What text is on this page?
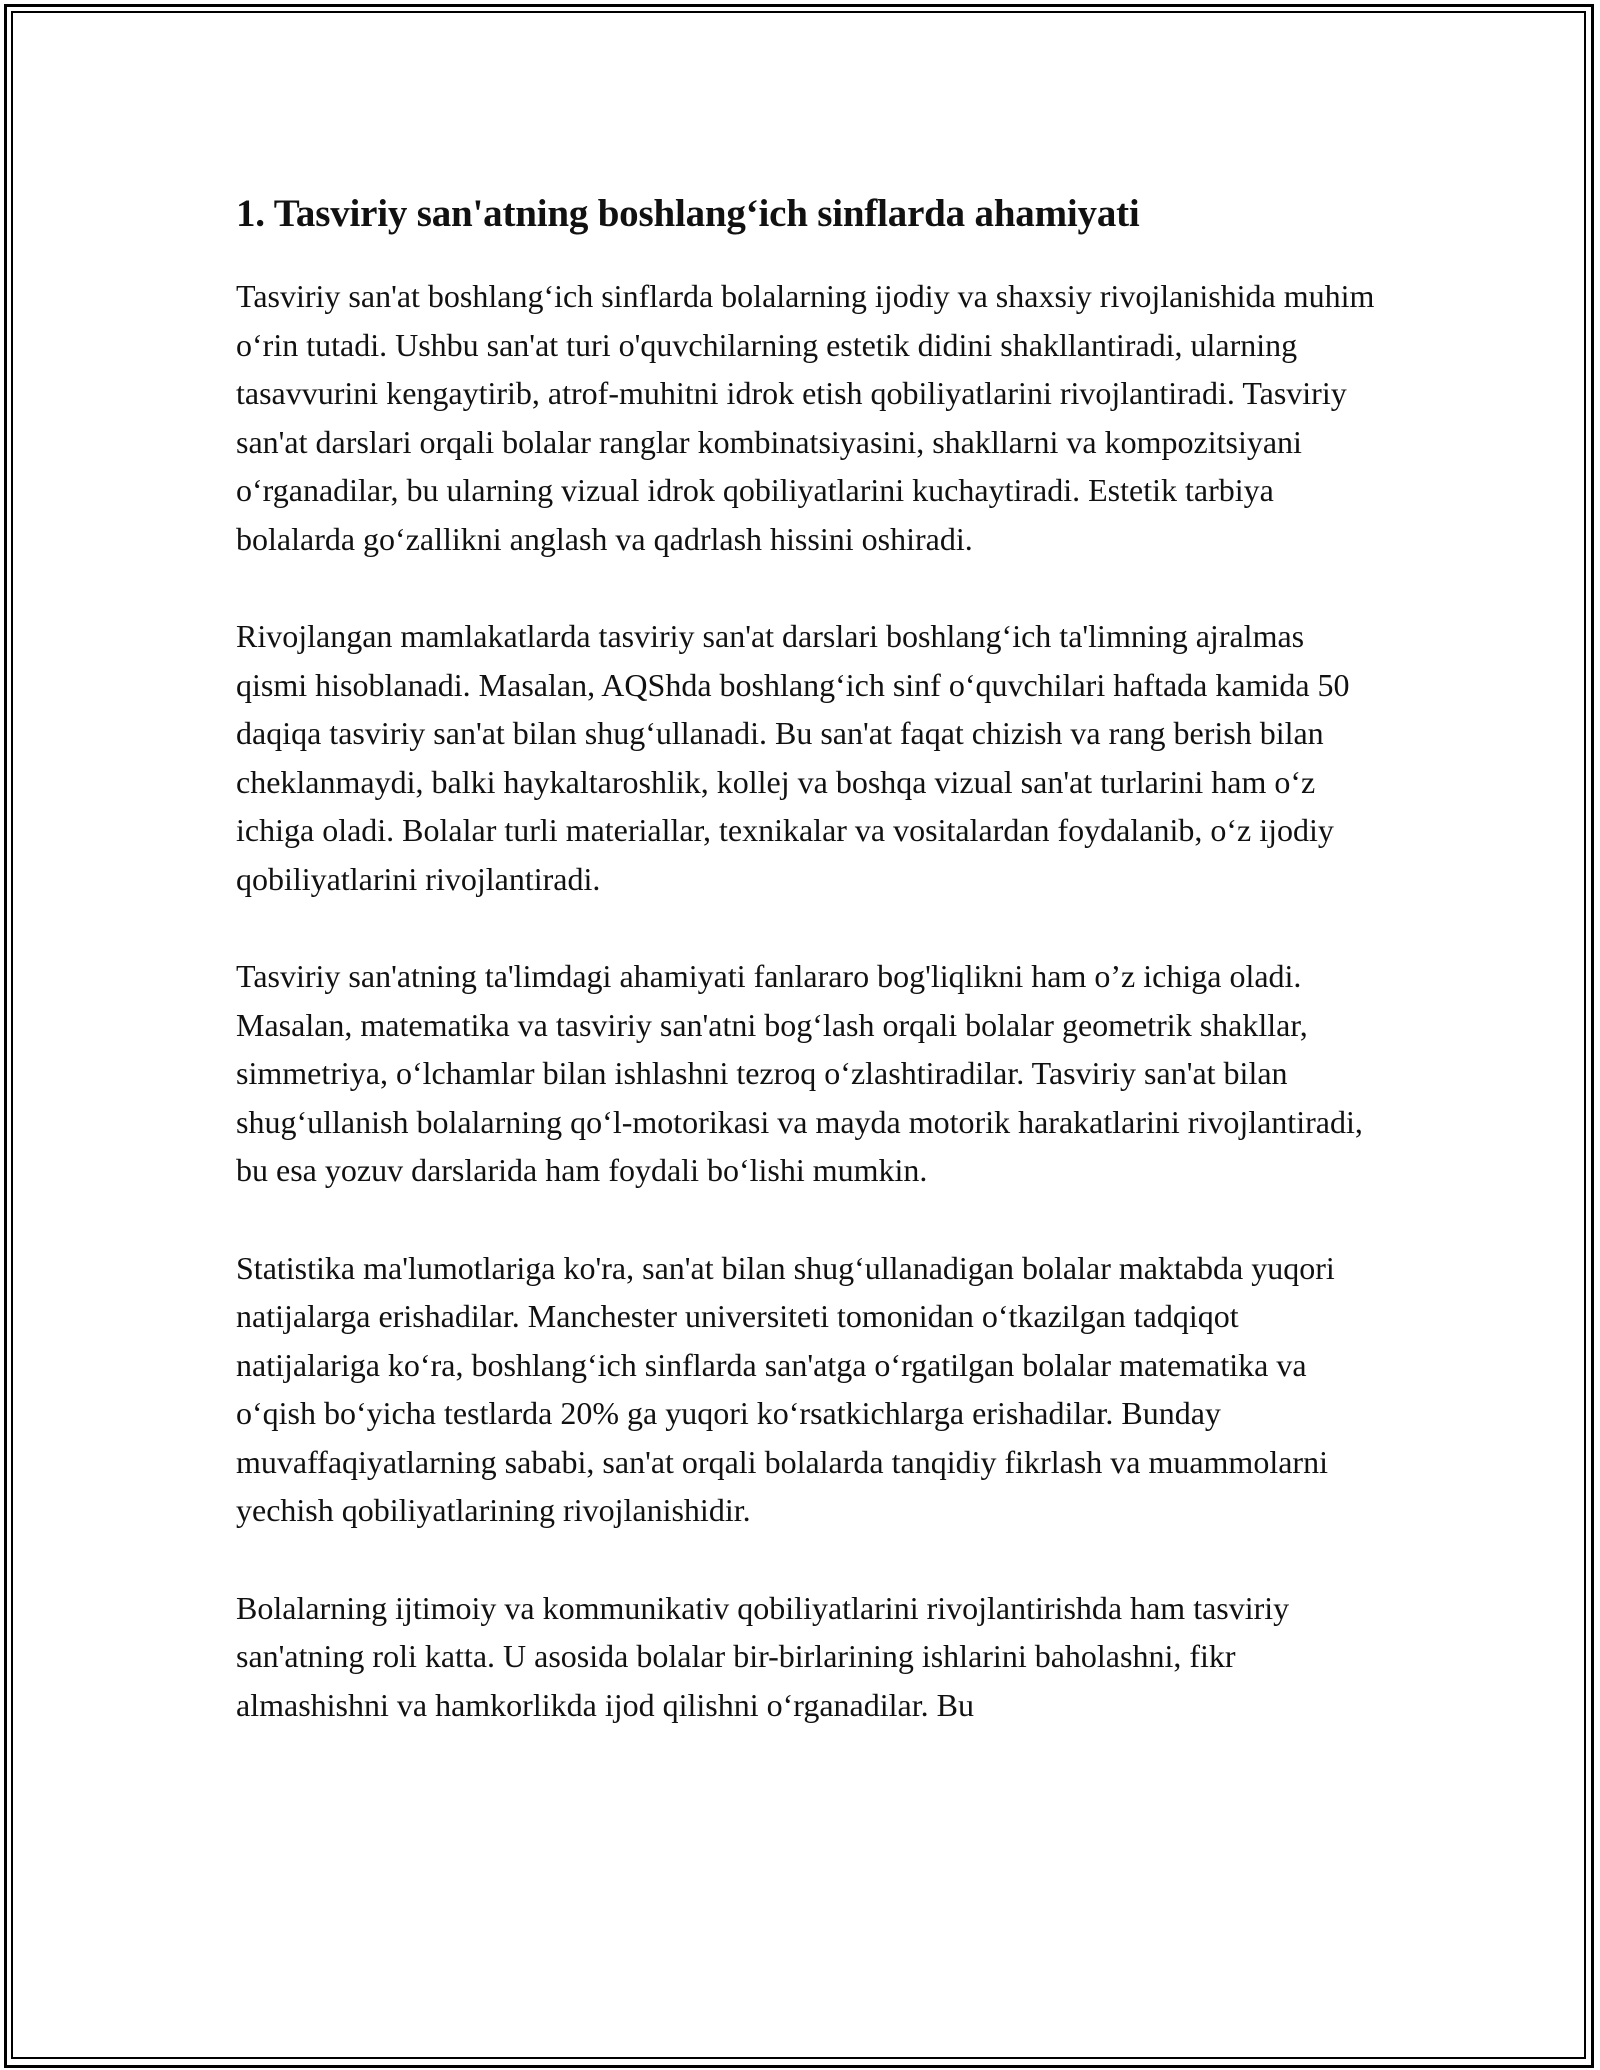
1. Tasviriy san'atning boshlang‘ich sinflarda ahamiyati

Tasviriy san'at boshlang‘ich sinflarda bolalarning ijodiy va shaxsiy rivojlanishida muhim o‘rin tutadi. Ushbu san'at turi o'quvchilarning estetik didini shakllantiradi, ularning tasavvurini kengaytirib, atrof-muhitni idrok etish qobiliyatlarini rivojlantiradi. Tasviriy san'at darslari orqali bolalar ranglar kombinatsiyasini, shakllarni va kompozitsiyani o‘rganadilar, bu ularning vizual idrok qobiliyatlarini kuchaytiradi. Estetik tarbiya bolalarda go‘zallikni anglash va qadrlash hissini oshiradi.

Rivojlangan mamlakatlarda tasviriy san'at darslari boshlang‘ich ta'limning ajralmas qismi hisoblanadi. Masalan, AQShda boshlang‘ich sinf o‘quvchilari haftada kamida 50 daqiqa tasviriy san'at bilan shug‘ullanadi. Bu san'at faqat chizish va rang berish bilan cheklanmaydi, balki haykaltaroshlik, kollej va boshqa vizual san'at turlarini ham o‘z ichiga oladi. Bolalar turli materiallar, texnikalar va vositalardan foydalanib, o‘z ijodiy qobiliyatlarini rivojlantiradi.

Tasviriy san'atning ta'limdagi ahamiyati fanlararo bog'liqlikni ham o’z ichiga oladi. Masalan, matematika va tasviriy san'atni bog‘lash orqali bolalar geometrik shakllar, simmetriya, o‘lchamlar bilan ishlashni tezroq o‘zlashtiradilar. Tasviriy san'at bilan shug‘ullanish bolalarning qo‘l-motorikasi va mayda motorik harakatlarini rivojlantiradi, bu esa yozuv darslarida ham foydali bo‘lishi mumkin.

Statistika ma'lumotlariga ko'ra, san'at bilan shug‘ullanadigan bolalar maktabda yuqori natijalarga erishadilar. Manchester universiteti tomonidan o‘tkazilgan tadqiqot natijalariga ko‘ra, boshlang‘ich sinflarda san'atga o‘rgatilgan bolalar matematika va o‘qish bo‘yicha testlarda 20% ga yuqori ko‘rsatkichlarga erishadilar. Bunday muvaffaqiyatlarning sababi, san'at orqali bolalarda tanqidiy fikrlash va muammolarni yechish qobiliyatlarining rivojlanishidir.

Bolalarning ijtimoiy va kommunikativ qobiliyatlarini rivojlantirishda ham tasviriy san'atning roli katta. U asosida bolalar bir-birlarining ishlarini baholashni, fikr almashishni va hamkorlikda ijod qilishni o‘rganadilar. Bu
